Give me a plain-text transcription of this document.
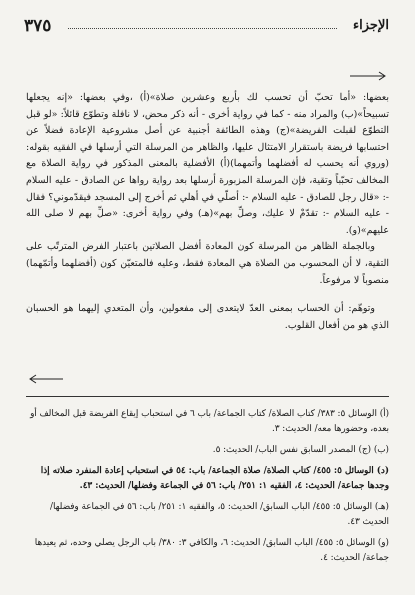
الإجزاء
٣٧٥

بعضها: «أما تحبّ أن تحسب لك بأربع وعشرين صلاة»(أ) ،وفي بعضها: «إنه يجعلها تسبيحاً»(ب) والمراد منه - كما في رواية أخرى - أنه ذكر محض، لا نافلة وتطوّع قائلاً: «لو قبل التطوّع لقبلت الفريضة»(ج) وهذه الطائفة أجنبية عن أصل مشروعية الإعادة فضلاً عن احتسابها فريضة باستقرار الامتثال عليها، والظاهر من المرسلة التي أرسلها في الفقيه بقوله: (وروي أنه يحسب له أفضلهما وأتمهما)(أ) الأفضلية بالمعنى المذكور في رواية الصلاة مع المخالف تحبّباً وتقية، فإن المرسلة المزبورة أرسلها بعد رواية رواها عن الصادق - عليه السلام -: «قال رجل للصادق - عليه السلام -: أصلّي في أهلي ثم أخرج إلى المسجد فيقدّموني؟ فقال - عليه السلام -: تقدّمْ لا عليك، وصلِّ بهم»(هـ) وفي رواية أخرى: «صلِّ بهم لا صلى الله عليهم»(و).

وبالجملة الظاهر من المرسلة كون المعادة أفضل الصلاتين باعتبار الفرض المترتّب على التقية، لا أن المحسوب من الصلاة هي المعادة فقط، وعليه فالمتعيّن كون (أفضلهما وأتمّهما) منصوباً لا مرفوعاً.

وتوهّم: أن الحساب بمعنى العدّ لايتعدى إلى مفعولين، وأن المتعدي إليهما هو الحسبان الذي هو من أفعال القلوب.

(أ) الوسائل ٥: ٣٨٣/ كتاب الصلاة/ كتاب الجماعة/ باب ٦ في استحباب إيقاع الفريضة قبل المخالف أو بعده، وحضورها معه/ الحديث: ٣.

(ب) (ج) المصدر السابق نفس الباب/ الحديث: ٥.

(د) الوسائل ٥: ٤٥٥/ كتاب الصلاة/ صلاة الجماعة/ باب: ٥٤ في استحباب إعادة المنفرد صلاته إذا وجدها جماعة/ الحديث: ٤، الفقيه ١: ٢٥١/ باب: ٥٦ في الجماعة وفضلها/ الحديث: ٤٣.

(هـ) الوسائل ٥: ٤٥٥/ الباب السابق/ الحديث: ٥، والفقيه ١: ٢٥١/ باب: ٥٦ في الجماعة وفضلها/ الحديث ٤٣.

(و) الوسائل ٥: ٤٥٥/ الباب السابق/ الحديث: ٦، والكافي ٣: ٣٨٠/ باب الرجل يصلي وحده، ثم يعيدها جماعة/ الحديث: ٤.
